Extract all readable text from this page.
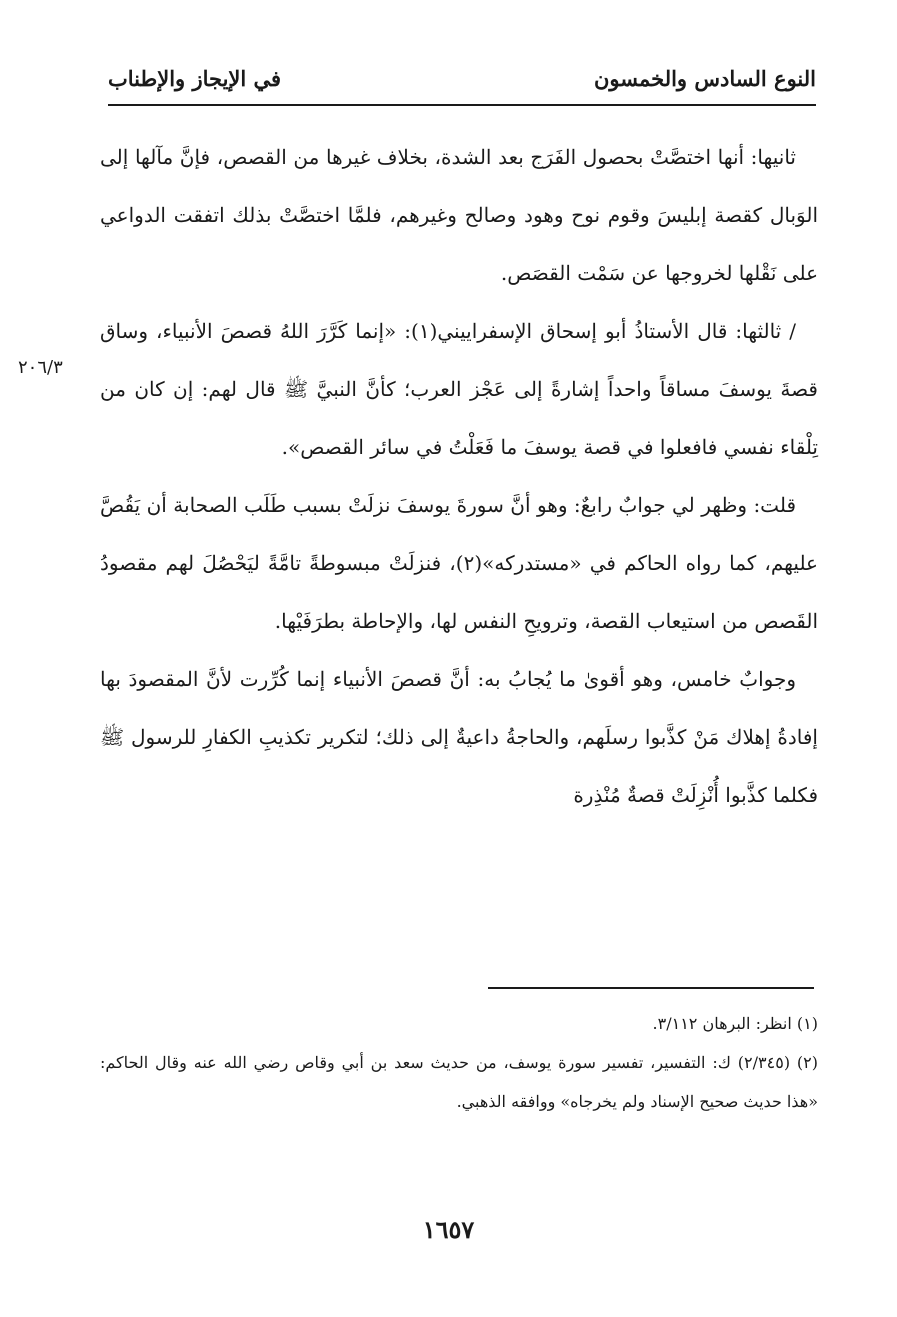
النوع السادس والخمسون
في الإيجاز والإطناب
٢٠٦/٣

ثانيها: أنها اختصَّتْ بحصول الفَرَج بعد الشدة، بخلاف غيرها من القصص، فإنَّ مآلها إلى الوَبال كقصة إبليسَ وقوم نوح وهود وصالح وغيرهم، فلمَّا اختصَّتْ بذلك اتفقت الدواعي على نَقْلها لخروجها عن سَمْت القصَص.

/ ثالثها: قال الأستاذُ أبو إسحاق الإسفراييني(١): «إنما كَرَّرَ اللهُ قصصَ الأنبياء، وساق قصةَ يوسفَ مساقاً واحداً إشارةً إلى عَجْز العرب؛ كأنَّ النبيَّ ﷺ قال لهم: إن كان من تِلْقاء نفسي فافعلوا في قصة يوسفَ ما فَعَلْتُ في سائر القصص».

قلت: وظهر لي جوابٌ رابعٌ: وهو أنَّ سورةَ يوسفَ نزلَتْ بسبب طَلَب الصحابة أن يَقُصَّ عليهم، كما رواه الحاكم في «مستدركه»(٢)، فنزلَتْ مبسوطةً تامَّةً ليَحْصُلَ لهم مقصودُ القَصص من استيعاب القصة، وترويحِ النفس لها، والإحاطة بطرَفَيْها.

وجوابٌ خامس، وهو أقوىٰ ما يُجابُ به: أنَّ قصصَ الأنبياء إنما كُرِّرت لأنَّ المقصودَ بها إفادةُ إهلاك مَنْ كذَّبوا رسلَهم، والحاجةُ داعيةٌ إلى ذلك؛ لتكرير تكذيبِ الكفارِ للرسول ﷺ فكلما كذَّبوا أُنْزِلَتْ قصةٌ مُنْذِرة

(١) انظر: البرهان ٣/١١٢.

(٢) (٢/٣٤٥) ك: التفسير، تفسير سورة يوسف، من حديث سعد بن أبي وقاص رضي الله عنه وقال الحاكم: «هذا حديث صحيح الإسناد ولم يخرجاه» ووافقه الذهبي.

١٦٥٧
